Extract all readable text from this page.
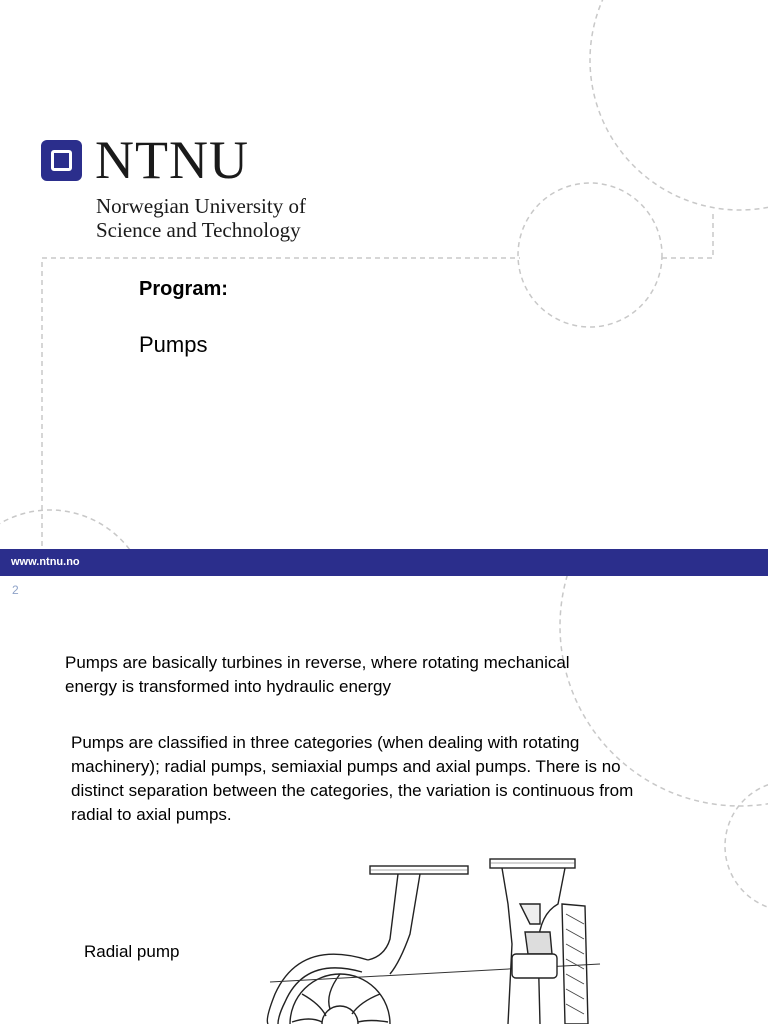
NTNU
Norwegian University of
Science and Technology
Program:
Pumps
www.ntnu.no
2
Pumps are basically turbines in reverse, where rotating mechanical energy is transformed into hydraulic energy
Pumps are classified in three categories (when dealing with rotating machinery); radial pumps, semiaxial pumps and axial pumps. There is no distinct separation between the categories, the variation is continuous from radial to axial pumps.
Radial pump
